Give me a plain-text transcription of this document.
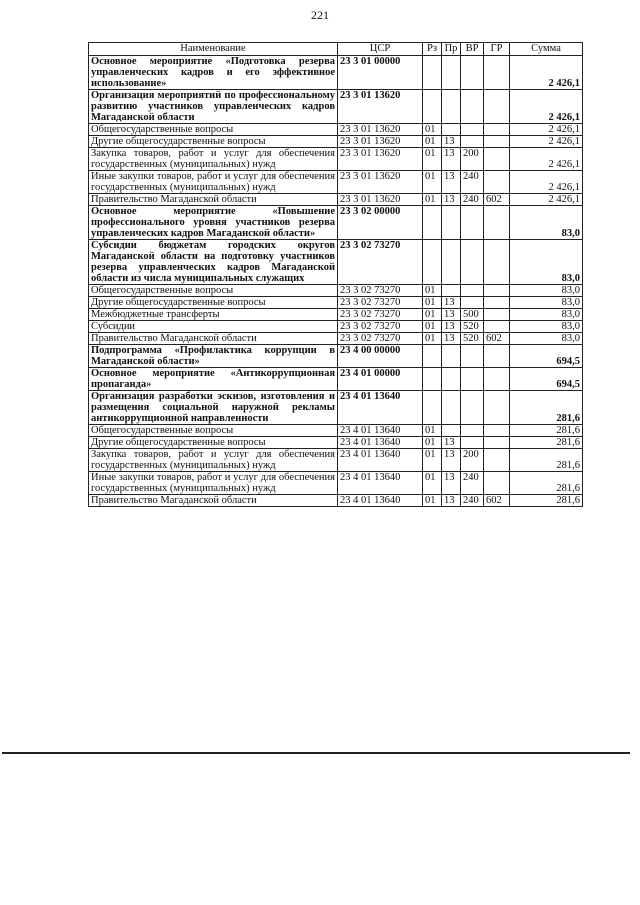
221
Наименование	ЦСР	Рз	Пр	ВР	ГР	Сумма
Основное мероприятие «Подготовка резерва управленческих кадров и его эффективное использование»	23 3 01 00000					2 426,1
Организация мероприятий по профессиональному развитию участников управленческих кадров Магаданской области	23 3 01 13620					2 426,1
Общегосударственные вопросы	23 3 01 13620	01				2 426,1
Другие общегосударственные вопросы	23 3 01 13620	01	13			2 426,1
Закупка товаров, работ и услуг для обеспечения государственных (муниципальных) нужд	23 3 01 13620	01	13	200		2 426,1
Иные закупки товаров, работ и услуг для обеспечения государственных (муниципальных) нужд	23 3 01 13620	01	13	240		2 426,1
Правительство Магаданской области	23 3 01 13620	01	13	240	602	2 426,1
Основное мероприятие «Повышение профессионального уровня участников резерва управленческих кадров Магаданской области»	23 3 02 00000					83,0
Субсидии бюджетам городских округов Магаданской области на подготовку участников резерва управленческих кадров Магаданской области из числа муниципальных служащих	23 3 02 73270					83,0
Общегосударственные вопросы	23 3 02 73270	01				83,0
Другие общегосударственные вопросы	23 3 02 73270	01	13			83,0
Межбюджетные трансферты	23 3 02 73270	01	13	500		83,0
Субсидии	23 3 02 73270	01	13	520		83,0
Правительство Магаданской области	23 3 02 73270	01	13	520	602	83,0
Подпрограмма «Профилактика коррупции в Магаданской области»	23 4 00 00000					694,5
Основное мероприятие «Антикоррупционная пропаганда»	23 4 01 00000					694,5
Организация разработки эскизов, изготовления и размещения социальной наружной рекламы антикоррупционной направленности	23 4 01 13640					281,6
Общегосударственные вопросы	23 4 01 13640	01				281,6
Другие общегосударственные вопросы	23 4 01 13640	01	13			281,6
Закупка товаров, работ и услуг для обеспечения государственных (муниципальных) нужд	23 4 01 13640	01	13	200		281,6
Иные закупки товаров, работ и услуг для обеспечения государственных (муниципальных) нужд	23 4 01 13640	01	13	240		281,6
Правительство Магаданской области	23 4 01 13640	01	13	240	602	281,6
